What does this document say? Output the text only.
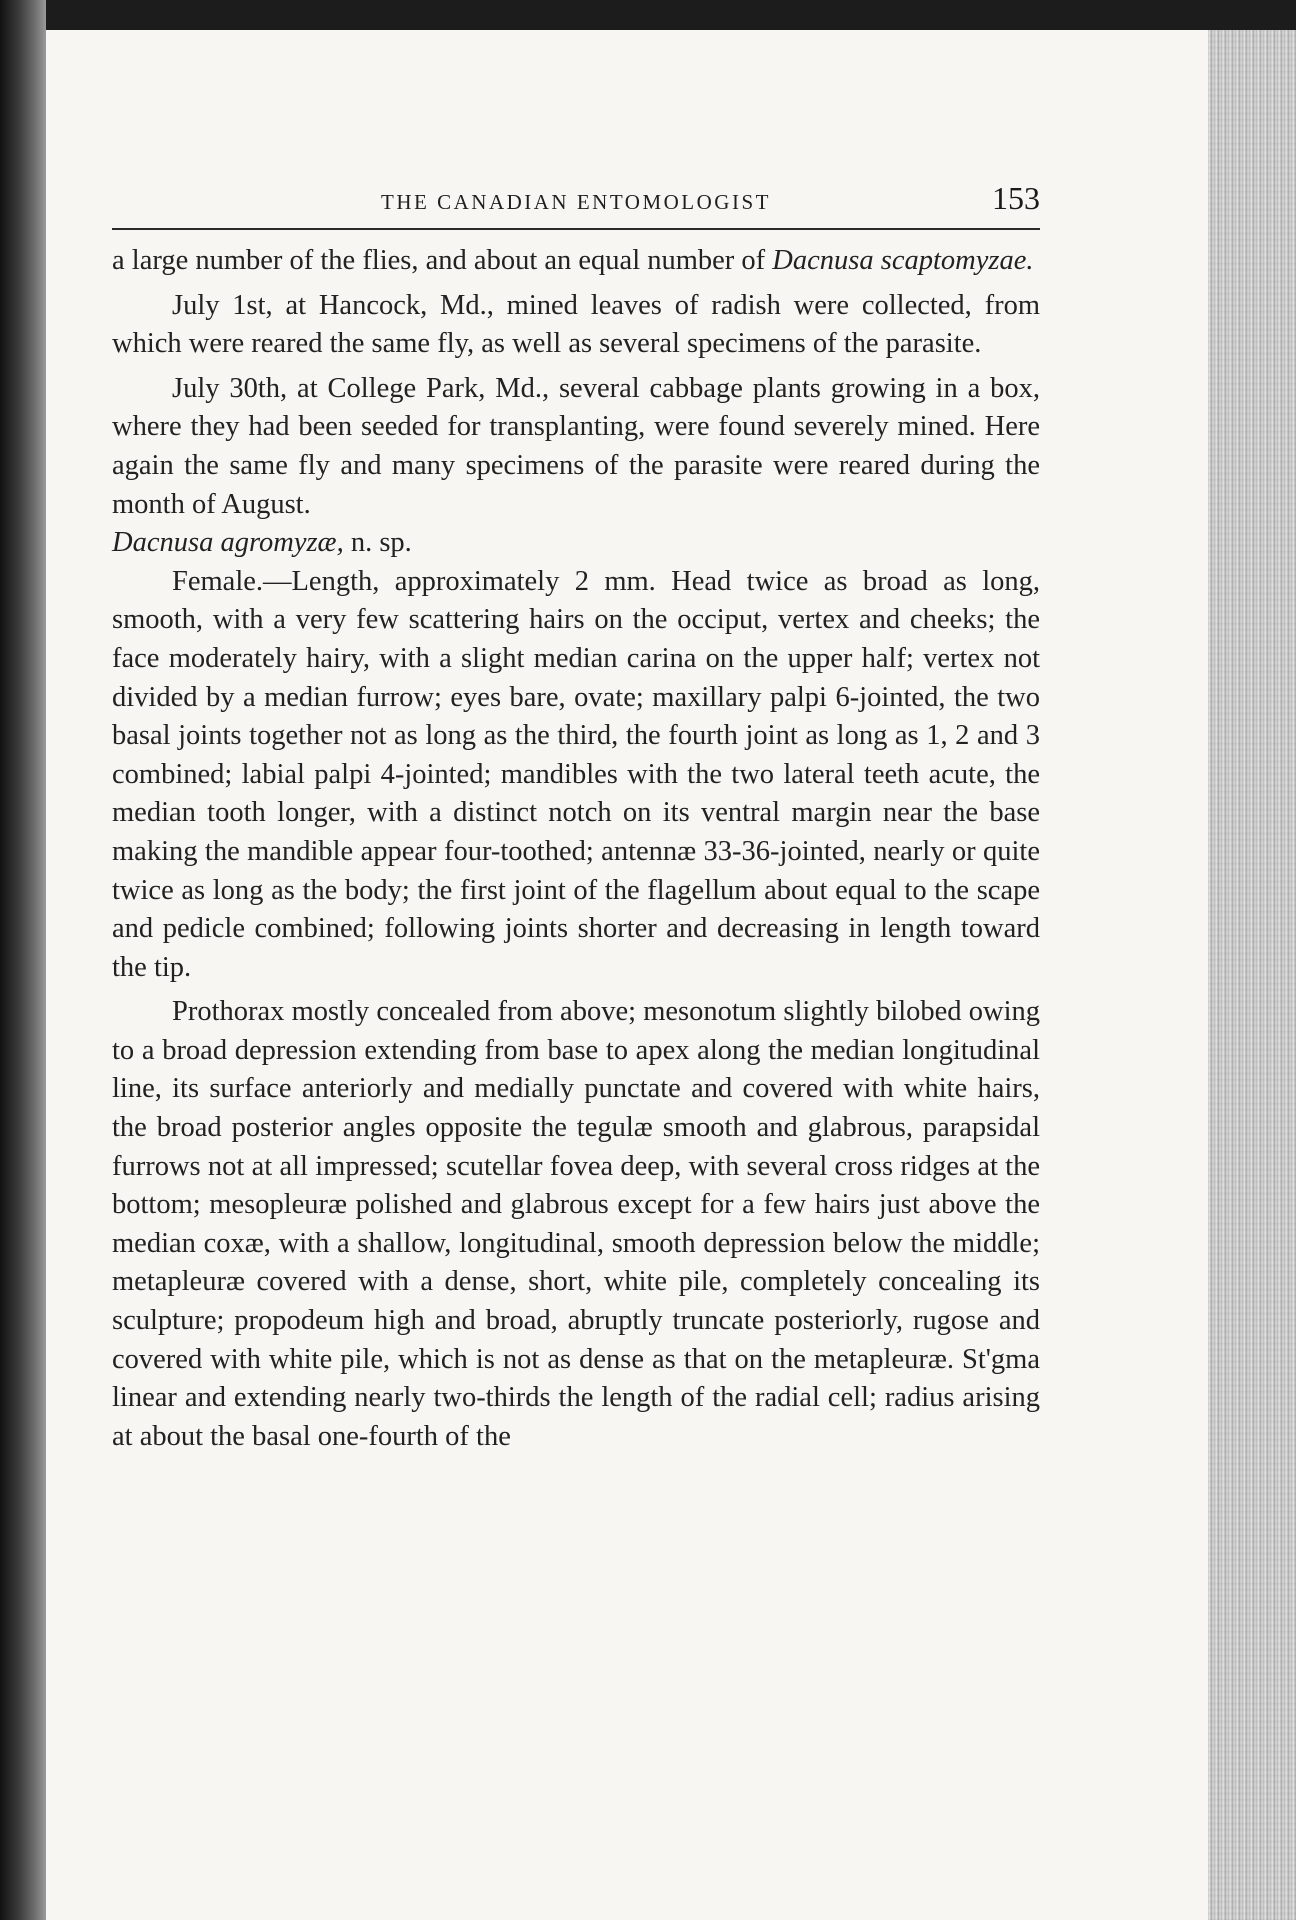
THE CANADIAN ENTOMOLOGIST	153

a large number of the flies, and about an equal number of Dacnusa scaptomyzae.

July 1st, at Hancock, Md., mined leaves of radish were collected, from which were reared the same fly, as well as several specimens of the parasite.

July 30th, at College Park, Md., several cabbage plants growing in a box, where they had been seeded for transplanting, were found severely mined. Here again the same fly and many specimens of the parasite were reared during the month of August.

Dacnusa agromyzæ, n. sp.

Female.—Length, approximately 2 mm. Head twice as broad as long, smooth, with a very few scattering hairs on the occiput, vertex and cheeks; the face moderately hairy, with a slight median carina on the upper half; vertex not divided by a median furrow; eyes bare, ovate; maxillary palpi 6-jointed, the two basal joints together not as long as the third, the fourth joint as long as 1, 2 and 3 combined; labial palpi 4-jointed; mandibles with the two lateral teeth acute, the median tooth longer, with a distinct notch on its ventral margin near the base making the mandible appear four-toothed; antennæ 33-36-jointed, nearly or quite twice as long as the body; the first joint of the flagellum about equal to the scape and pedicle combined; following joints shorter and decreasing in length toward the tip.

Prothorax mostly concealed from above; mesonotum slightly bilobed owing to a broad depression extending from base to apex along the median longitudinal line, its surface anteriorly and medially punctate and covered with white hairs, the broad posterior angles opposite the tegulæ smooth and glabrous, parapsidal furrows not at all impressed; scutellar fovea deep, with several cross ridges at the bottom; mesopleuræ polished and glabrous except for a few hairs just above the median coxæ, with a shallow, longitudinal, smooth depression below the middle; metapleuræ covered with a dense, short, white pile, completely concealing its sculpture; propodeum high and broad, abruptly truncate posteriorly, rugose and covered with white pile, which is not as dense as that on the metapleuræ. St'gma linear and extending nearly two-thirds the length of the radial cell; radius arising at about the basal one-fourth of the
